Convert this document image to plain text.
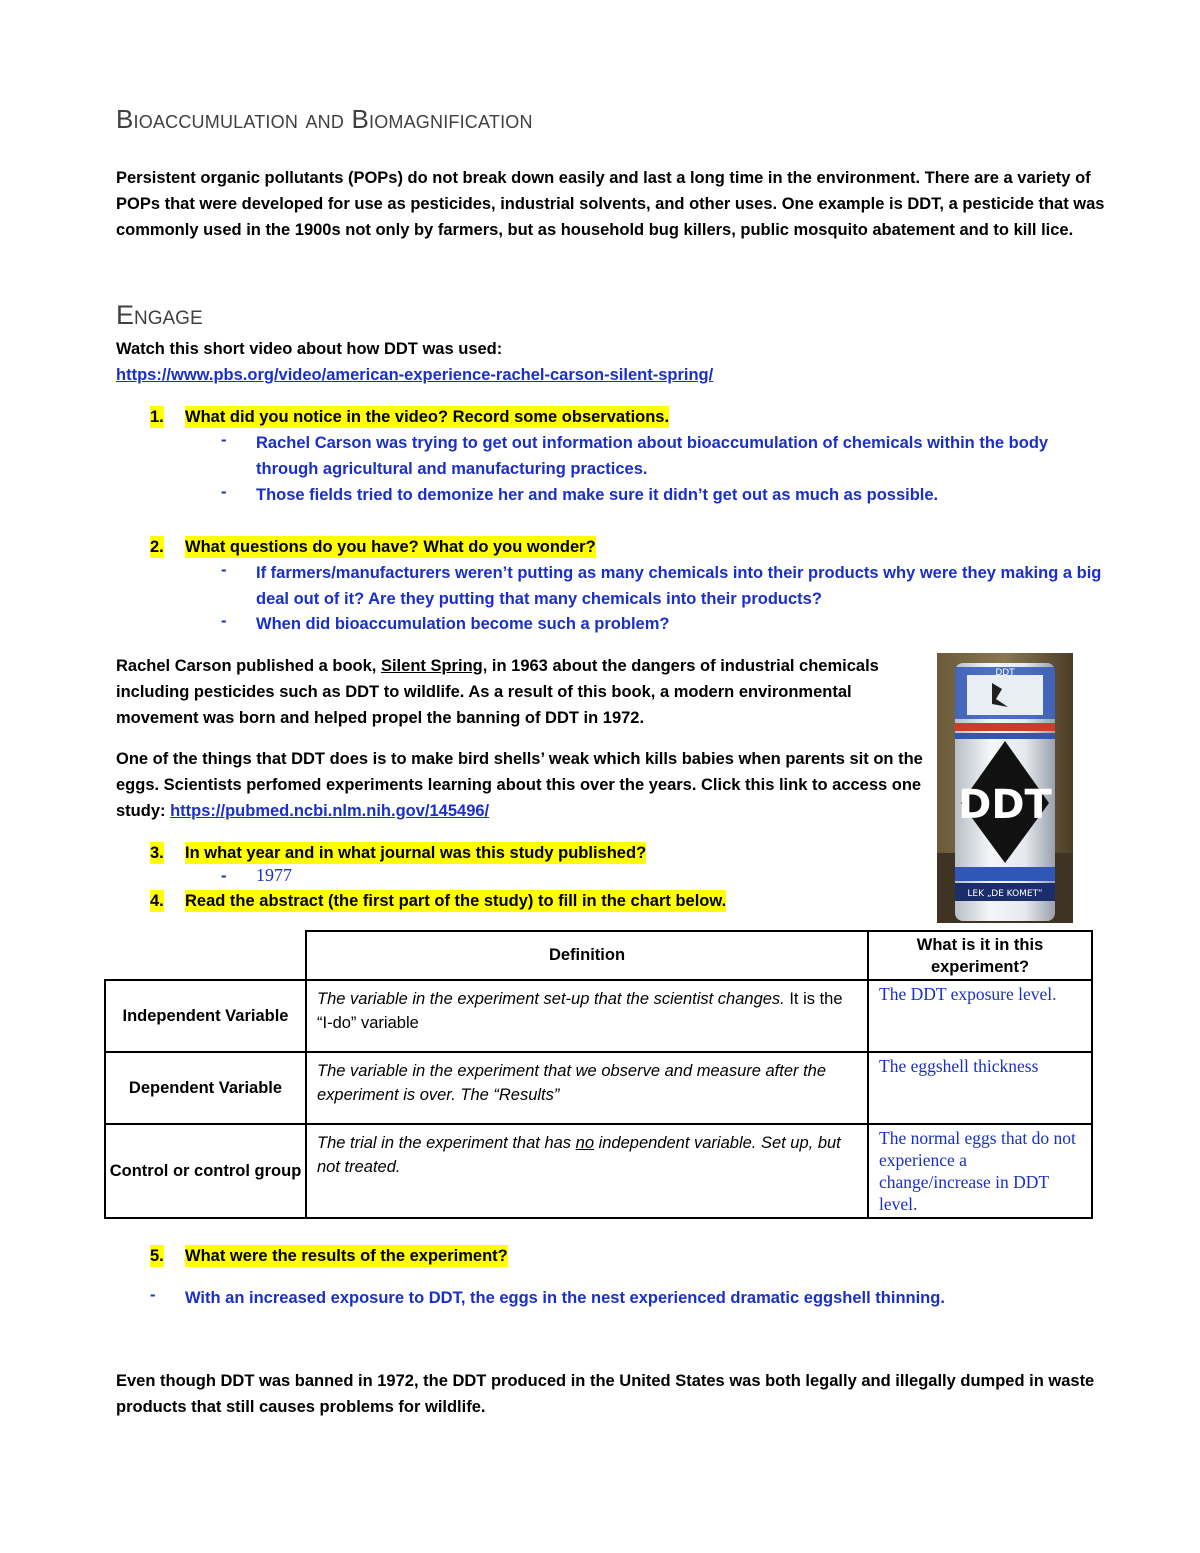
Bioaccumulation and Biomagnification
Persistent organic pollutants (POPs) do not break down easily and last a long time in the environment. There are a variety of POPs that were developed for use as pesticides, industrial solvents, and other uses. One example is DDT, a pesticide that was commonly used in the 1900s not only by farmers, but as household bug killers, public mosquito abatement and to kill lice.
Engage
Watch this short video about how DDT was used:
https://www.pbs.org/video/american-experience-rachel-carson-silent-spring/
1. What did you notice in the video? Record some observations.
- Rachel Carson was trying to get out information about bioaccumulation of chemicals within the body through agricultural and manufacturing practices.
- Those fields tried to demonize her and make sure it didn’t get out as much as possible.
2. What questions do you have? What do you wonder?
- If farmers/manufacturers weren’t putting as many chemicals into their products why were they making a big deal out of it? Are they putting that many chemicals into their products?
- When did bioaccumulation become such a problem?
Rachel Carson published a book, Silent Spring, in 1963 about the dangers of industrial chemicals including pesticides such as DDT to wildlife. As a result of this book, a modern environmental movement was born and helped propel the banning of DDT in 1972.
DDT
DDT
LEK „DE KOMET”
One of the things that DDT does is to make bird shells’ weak which kills babies when parents sit on the eggs. Scientists perfomed experiments learning about this over the years. Click this link to access one study: https://pubmed.ncbi.nlm.nih.gov/145496/
3. In what year and in what journal was this study published?
- 1977
4. Read the abstract (the first part of the study) to fill in the chart below.
	Definition	What is it in this experiment?
Independent Variable	The variable in the experiment set-up that the scientist changes. It is the “I-do” variable	The DDT exposure level.
Dependent Variable	The variable in the experiment that we observe and measure after the experiment is over. The “Results”	The eggshell thickness
Control or control group	The trial in the experiment that has no independent variable. Set up, but not treated.	The normal eggs that do not experience a change/increase in DDT level.
5. What were the results of the experiment?
- With an increased exposure to DDT, the eggs in the nest experienced dramatic eggshell thinning.
Even though DDT was banned in 1972, the DDT produced in the United States was both legally and illegally dumped in waste products that still causes problems for wildlife.
